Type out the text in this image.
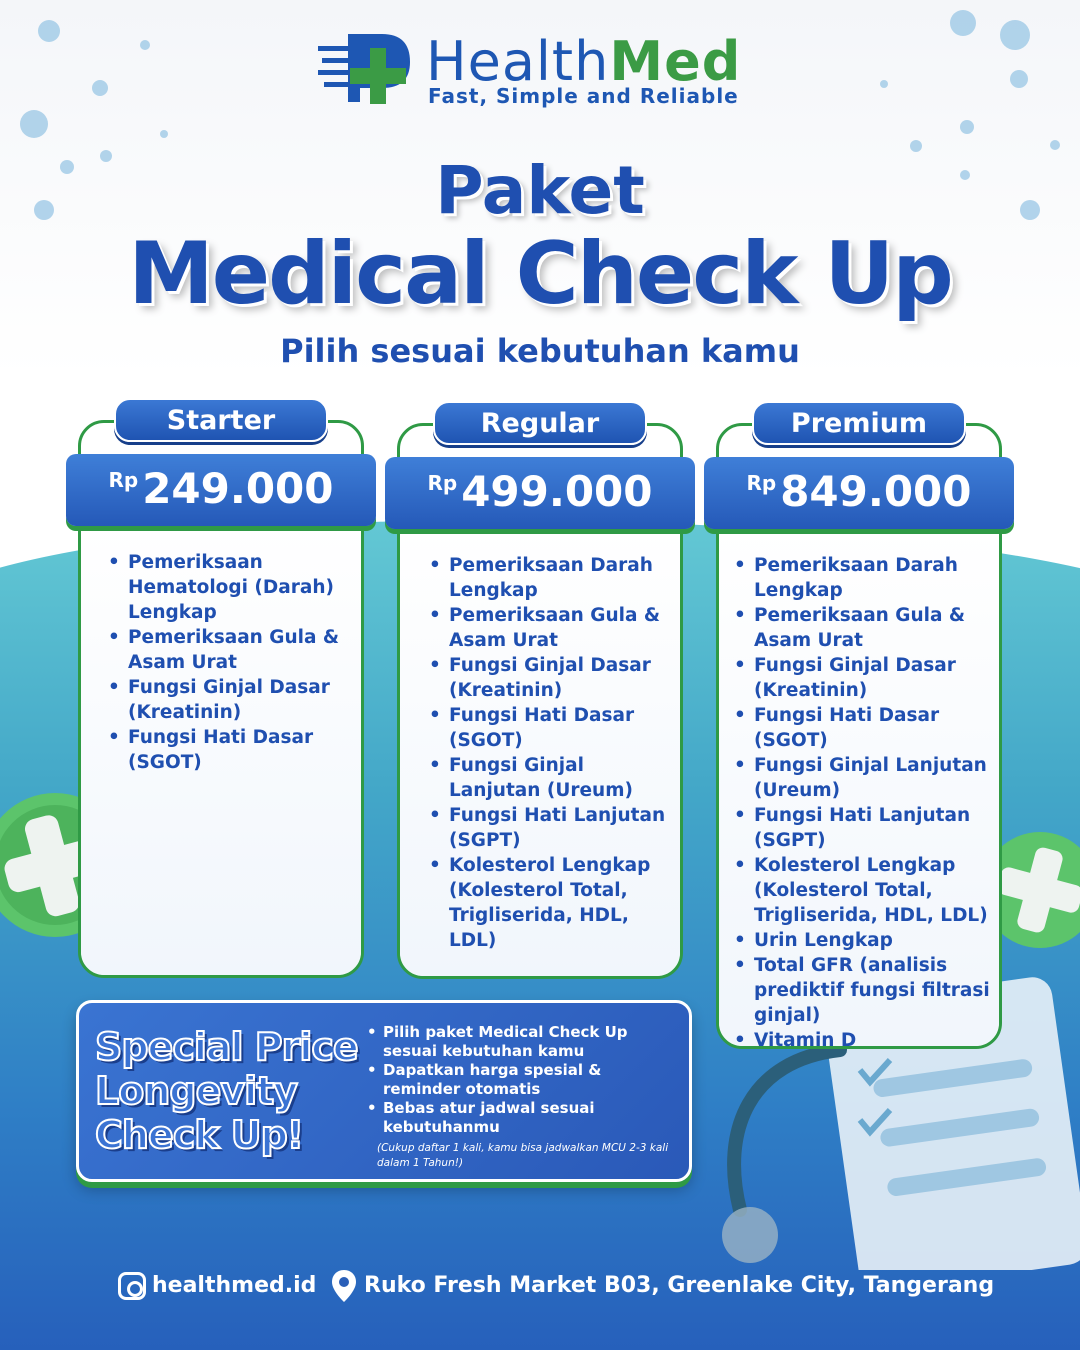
HealthMed
Fast, Simple and Reliable
Paket
Medical Check Up
Pilih sesuai kebutuhan kamu
Starter
Rp249.000
• Pemeriksaan Hematologi (Darah) Lengkap
• Pemeriksaan Gula & Asam Urat
• Fungsi Ginjal Dasar (Kreatinin)
• Fungsi Hati Dasar (SGOT)
Regular
Rp499.000
• Pemeriksaan Darah Lengkap
• Pemeriksaan Gula & Asam Urat
• Fungsi Ginjal Dasar (Kreatinin)
• Fungsi Hati Dasar (SGOT)
• Fungsi Ginjal Lanjutan (Ureum)
• Fungsi Hati Lanjutan (SGPT)
• Kolesterol Lengkap (Kolesterol Total, Trigliserida, HDL, LDL)
Premium
Rp849.000
• Pemeriksaan Darah Lengkap
• Pemeriksaan Gula & Asam Urat
• Fungsi Ginjal Dasar (Kreatinin)
• Fungsi Hati Dasar (SGOT)
• Fungsi Ginjal Lanjutan (Ureum)
• Fungsi Hati Lanjutan (SGPT)
• Kolesterol Lengkap (Kolesterol Total, Trigliserida, HDL, LDL)
• Urin Lengkap
• Total GFR (analisis prediktif fungsi filtrasi ginjal)
• Vitamin D
Special Price Longevity Check Up!
• Pilih paket Medical Check Up sesuai kebutuhan kamu
• Dapatkan harga spesial & reminder otomatis
• Bebas atur jadwal sesuai kebutuhanmu
(Cukup daftar 1 kali, kamu bisa jadwalkan MCU 2-3 kali dalam 1 Tahun!)
healthmed.id Ruko Fresh Market B03, Greenlake City, Tangerang
